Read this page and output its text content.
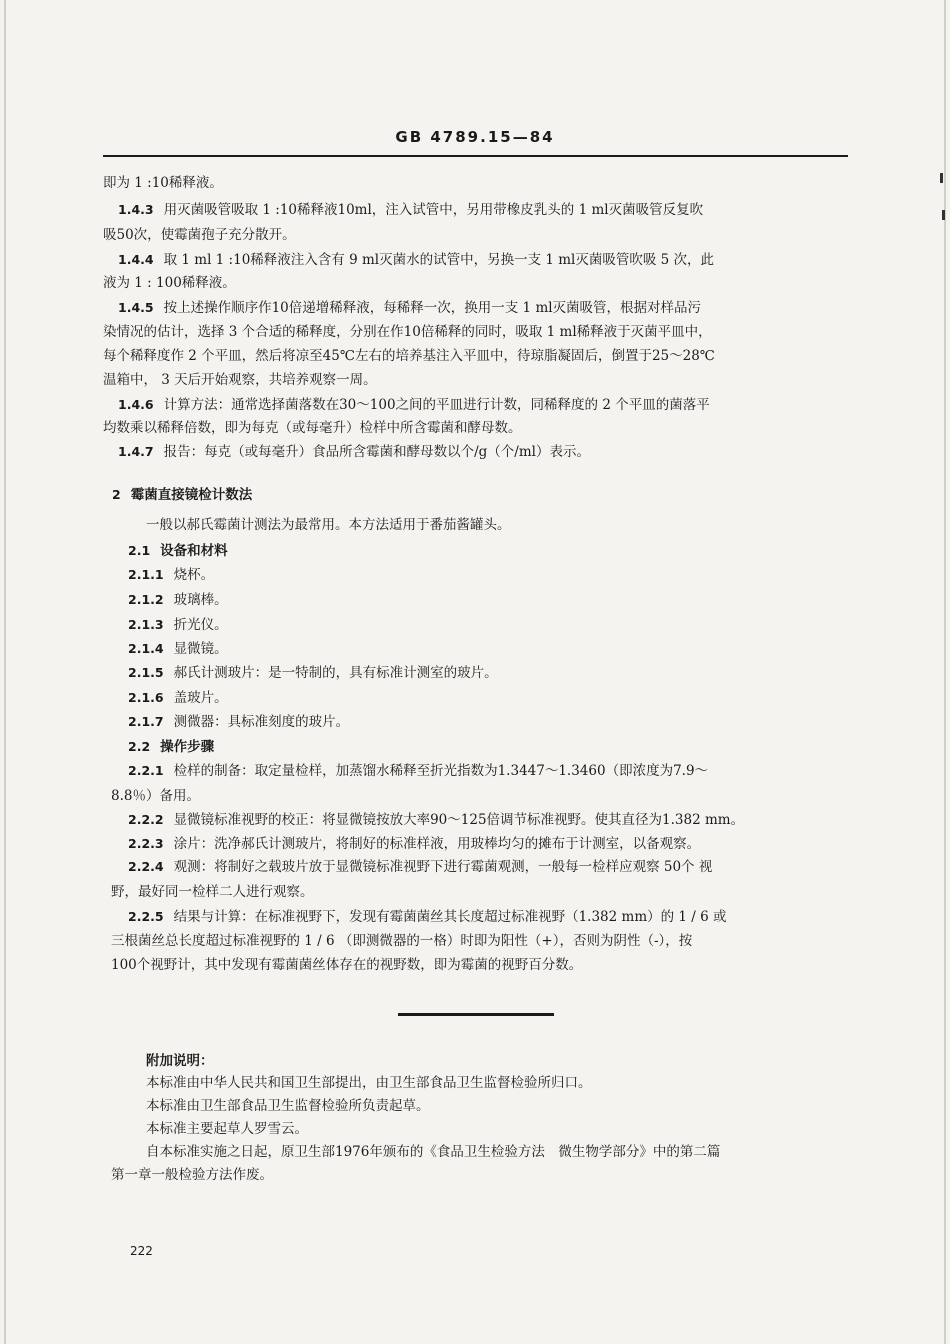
GB 4789.15—84
即为 1 :10稀释液。
1.4.3 用灭菌吸管吸取 1 :10稀释液10ml，注入试管中，另用带橡皮乳头的 1 ml灭菌吸管反复吹
吸50次，使霉菌孢子充分散开。
1.4.4 取 1 ml 1 :10稀释液注入含有 9 ml灭菌水的试管中，另换一支 1 ml灭菌吸管吹吸 5 次，此
液为 1 : 100稀释液。
1.4.5 按上述操作顺序作10倍递增稀释液，每稀释一次，换用一支 1 ml灭菌吸管，根据对样品污
染情况的估计，选择 3 个合适的稀释度，分别在作10倍稀释的同时，吸取 1 ml稀释液于灭菌平皿中，
每个稀释度作 2 个平皿，然后将凉至45℃左右的培养基注入平皿中，待琼脂凝固后，倒置于25～28℃
温箱中， 3 天后开始观察，共培养观察一周。
1.4.6 计算方法：通常选择菌落数在30～100之间的平皿进行计数，同稀释度的 2 个平皿的菌落平
均数乘以稀释倍数，即为每克（或每毫升）检样中所含霉菌和酵母数。
1.4.7 报告：每克（或每毫升）食品所含霉菌和酵母数以个/g（个/ml）表示。
2 霉菌直接镜检计数法
一般以郝氏霉菌计测法为最常用。本方法适用于番茄酱罐头。
2.1 设备和材料
2.1.1 烧杯。
2.1.2 玻璃棒。
2.1.3 折光仪。
2.1.4 显微镜。
2.1.5 郝氏计测玻片：是一特制的，具有标准计测室的玻片。
2.1.6 盖玻片。
2.1.7 测微器：具标准刻度的玻片。
2.2 操作步骤
2.2.1 检样的制备：取定量检样，加蒸馏水稀释至折光指数为1.3447～1.3460（即浓度为7.9～
8.8％）备用。
2.2.2 显微镜标准视野的校正：将显微镜按放大率90～125倍调节标准视野。使其直径为1.382 mm。
2.2.3 涂片：洗净郝氏计测玻片，将制好的标准样液，用玻棒均匀的摊布于计测室，以备观察。
2.2.4 观测：将制好之载玻片放于显微镜标准视野下进行霉菌观测，一般每一检样应观察 50个 视
野，最好同一检样二人进行观察。
2.2.5 结果与计算：在标准视野下，发现有霉菌菌丝其长度超过标准视野（1.382 mm）的 1 / 6 或
三根菌丝总长度超过标准视野的 1 / 6 （即测微器的一格）时即为阳性（+），否则为阴性（-），按
100个视野计，其中发现有霉菌菌丝体存在的视野数，即为霉菌的视野百分数。
附加说明：
本标准由中华人民共和国卫生部提出，由卫生部食品卫生监督检验所归口。
本标准由卫生部食品卫生监督检验所负责起草。
本标准主要起草人罗雪云。
自本标准实施之日起，原卫生部1976年颁布的《食品卫生检验方法　微生物学部分》中的第二篇
第一章一般检验方法作废。
222
